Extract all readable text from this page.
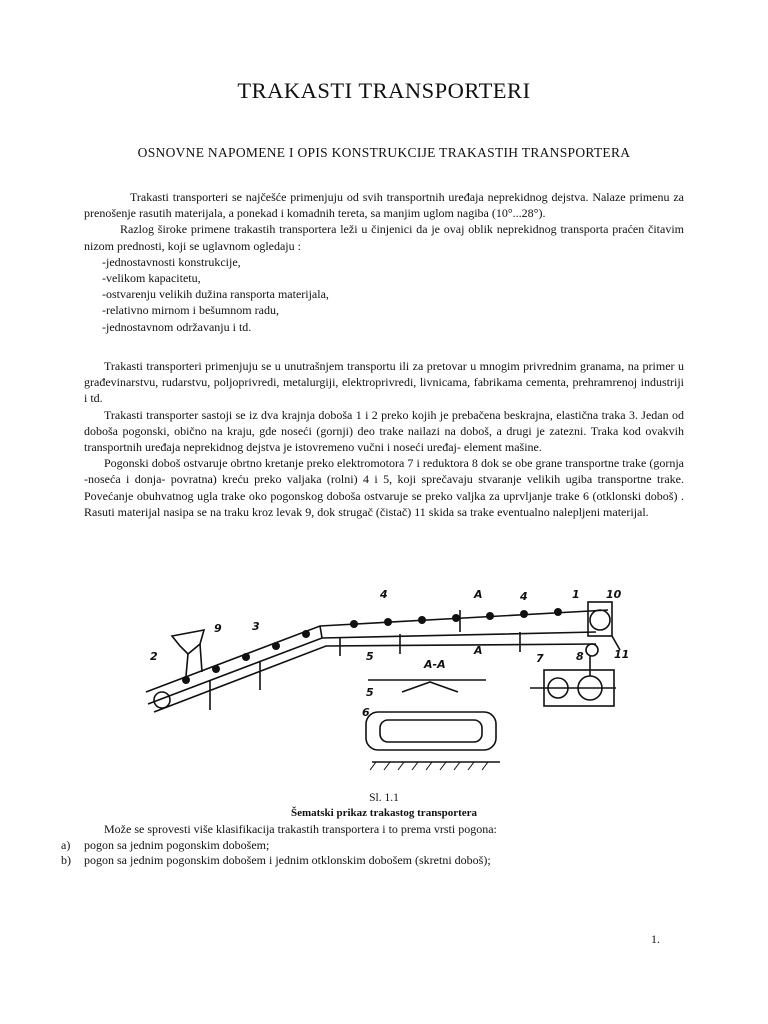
TRAKASTI TRANSPORTERI
OSNOVNE NAPOMENE I OPIS KONSTRUKCIJE TRAKASTIH TRANSPORTERA

Trakasti transporteri se najčešće primenjuju od svih transportnih uređaja neprekidnog dejstva. Nalaze primenu za prenošenje rasutih materijala, a ponekad i komadnih tereta, sa manjim uglom nagiba (10°...28°).

Razlog široke primene trakastih transportera leži u činjenici da je ovaj oblik neprekidnog transporta praćen čitavim nizom prednosti, koji se uglavnom ogledaju :

-jednostavnosti konstrukcije,
-velikom kapacitetu,
-ostvarenju velikih dužina ransporta materijala,
-relativno mirnom i bešumnom radu,
-jednostavnom održavanju i td.

Trakasti transporteri primenjuju se u unutrašnjem transportu ili za pretovar u mnogim privrednim granama, na primer u građevinarstvu, rudarstvu, poljoprivredi, metalurgiji, elektroprivredi, livnicama, fabrikama cementa, prehramrenoj industriji i td.

Trakasti transporter sastoji se iz dva krajnja doboša 1 i 2 preko kojih je prebačena beskrajna, elastična traka 3. Jedan od doboša pogonski, obično na kraju, gde noseći (gornji) deo trake nailazi na doboš, a drugi je zatezni. Traka kod ovakvih transportnih uređaja neprekidnog dejstva je istovremeno vučni i noseći uređaj- element mašine.

Pogonski doboš ostvaruje obrtno kretanje preko elektromotora 7 i reduktora 8 dok se obe grane transportne trake (gornja -noseća i donja- povratna) kreću preko valjaka (rolni) 4 i 5, koji sprečavaju stvaranje velikih ugiba transportne trake. Povećanje obuhvatnog ugla trake oko pogonskog doboša ostvaruje se preko valjka za uprvljanje trake 6 (otklonski doboš) . Rasuti materijal nasipa se na traku kroz levak 9, dok strugač (čistač) 11 skida sa trake eventualno nalepljeni materijal.

2
9	3
4	4
A
A
5
A-A
5
6
1 10
11
7	8
Sl. 1.1
Šematski prikaz trakastog transportera

Može se sprovesti više klasifikacija trakastih transportera i to prema vrsti pogona:

a) pogon sa jednim pogonskim dobošem;
b) pogon sa jednim pogonskim dobošem i jednim otklonskim dobošem (skretni doboš);
1.
